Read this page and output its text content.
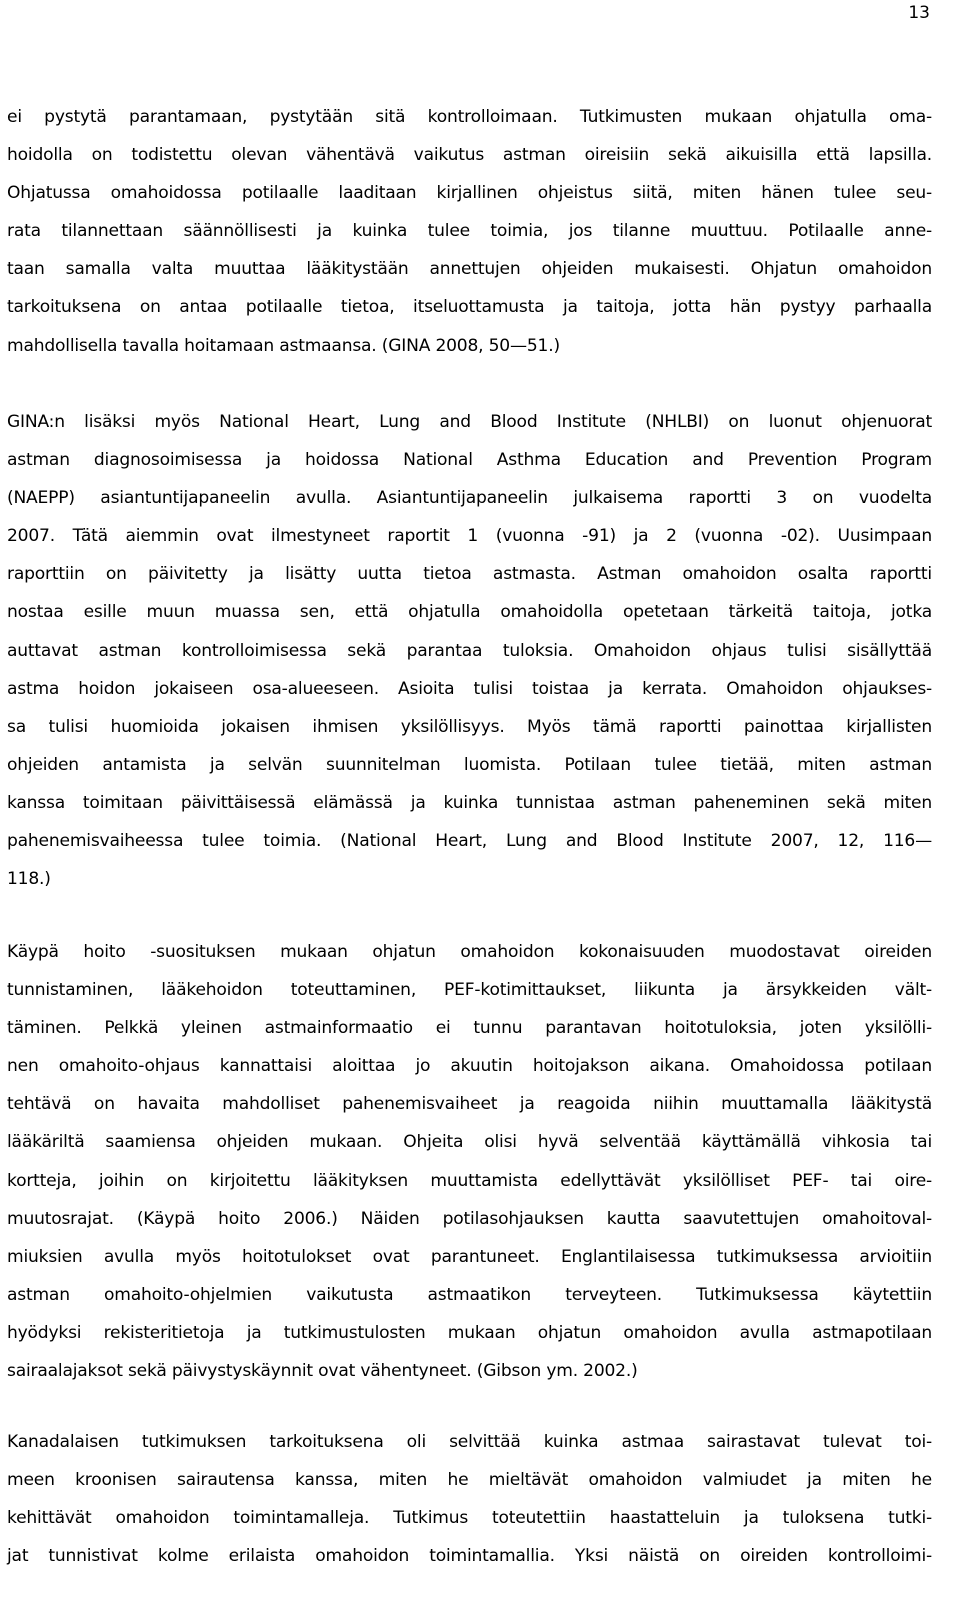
13
ei pystytä parantamaan, pystytään sitä kontrolloimaan. Tutkimusten mukaan ohjatulla oma-
hoidolla on todistettu olevan vähentävä vaikutus astman oireisiin sekä aikuisilla että lapsilla.
Ohjatussa omahoidossa potilaalle laaditaan kirjallinen ohjeistus siitä, miten hänen tulee seu-
rata tilannettaan säännöllisesti ja kuinka tulee toimia, jos tilanne muuttuu. Potilaalle anne-
taan samalla valta muuttaa lääkitystään annettujen ohjeiden mukaisesti. Ohjatun omahoidon
tarkoituksena on antaa potilaalle tietoa, itseluottamusta ja taitoja, jotta hän pystyy parhaalla
mahdollisella tavalla hoitamaan astmaansa. (GINA 2008, 50—51.)
GINA:n lisäksi myös National Heart, Lung and Blood Institute (NHLBI) on luonut ohjenuorat
astman diagnosoimisessa ja hoidossa National Asthma Education and Prevention Program
(NAEPP) asiantuntijapaneelin avulla. Asiantuntijapaneelin julkaisema raportti 3 on vuodelta
2007. Tätä aiemmin ovat ilmestyneet raportit 1 (vuonna -91) ja 2 (vuonna -02). Uusimpaan
raporttiin on päivitetty ja lisätty uutta tietoa astmasta. Astman omahoidon osalta raportti
nostaa esille muun muassa sen, että ohjatulla omahoidolla opetetaan tärkeitä taitoja, jotka
auttavat astman kontrolloimisessa sekä parantaa tuloksia. Omahoidon ohjaus tulisi sisällyttää
astma hoidon jokaiseen osa-alueeseen. Asioita tulisi toistaa ja kerrata. Omahoidon ohjaukses-
sa tulisi huomioida jokaisen ihmisen yksilöllisyys. Myös tämä raportti painottaa kirjallisten
ohjeiden antamista ja selvän suunnitelman luomista. Potilaan tulee tietää, miten astman
kanssa toimitaan päivittäisessä elämässä ja kuinka tunnistaa astman paheneminen sekä miten
pahenemisvaiheessa tulee toimia. (National Heart, Lung and Blood Institute 2007, 12, 116—
118.)
Käypä hoito -suosituksen mukaan ohjatun omahoidon kokonaisuuden muodostavat oireiden
tunnistaminen, lääkehoidon toteuttaminen, PEF-kotimittaukset, liikunta ja ärsykkeiden vält-
täminen. Pelkkä yleinen astmainformaatio ei tunnu parantavan hoitotuloksia, joten yksilölli-
nen omahoito-ohjaus kannattaisi aloittaa jo akuutin hoitojakson aikana. Omahoidossa potilaan
tehtävä on havaita mahdolliset pahenemisvaiheet ja reagoida niihin muuttamalla lääkitystä
lääkäriltä saamiensa ohjeiden mukaan. Ohjeita olisi hyvä selventää käyttämällä vihkosia tai
kortteja, joihin on kirjoitettu lääkityksen muuttamista edellyttävät yksilölliset PEF- tai oire-
muutosrajat. (Käypä hoito 2006.) Näiden potilasohjauksen kautta saavutettujen omahoitoval-
miuksien avulla myös hoitotulokset ovat parantuneet. Englantilaisessa tutkimuksessa arvioitiin
astman omahoito-ohjelmien vaikutusta astmaatikon terveyteen. Tutkimuksessa käytettiin
hyödyksi rekisteritietoja ja tutkimustulosten mukaan ohjatun omahoidon avulla astmapotilaan
sairaalajaksot sekä päivystyskäynnit ovat vähentyneet. (Gibson ym. 2002.)
Kanadalaisen tutkimuksen tarkoituksena oli selvittää kuinka astmaa sairastavat tulevat toi-
meen kroonisen sairautensa kanssa, miten he mieltävät omahoidon valmiudet ja miten he
kehittävät omahoidon toimintamalleja. Tutkimus toteutettiin haastatteluin ja tuloksena tutki-
jat tunnistivat kolme erilaista omahoidon toimintamallia. Yksi näistä on oireiden kontrolloimi-
